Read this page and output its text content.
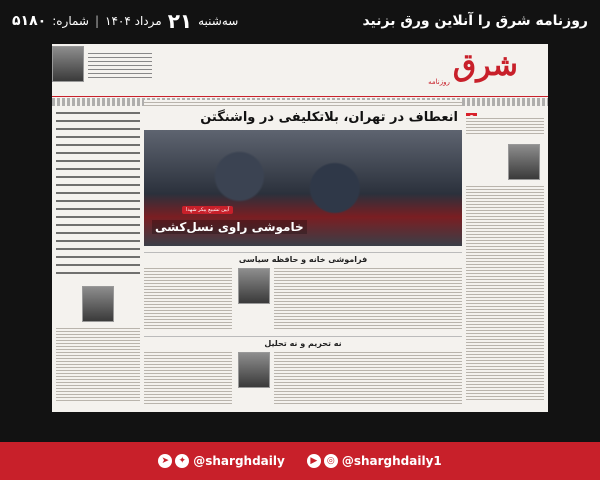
روزنامه شرق را آنلاین ورق بزنید
سه‌شنبه
۲۱
مرداد ۱۴۰۴
|
شماره:
۵۱۸۰
روزنامه شرق
انعطاف در تهران، بلاتکلیفی در واشنگتن
آیین تشییع پیکر شهدا
خاموشی راوی نسل‌کشی
فراموشی خانه و حافظه سیاسی
نه تحریم و نه تحلیل
➤	✦ @sharghdaily	▶	◎ @sharghdaily1
